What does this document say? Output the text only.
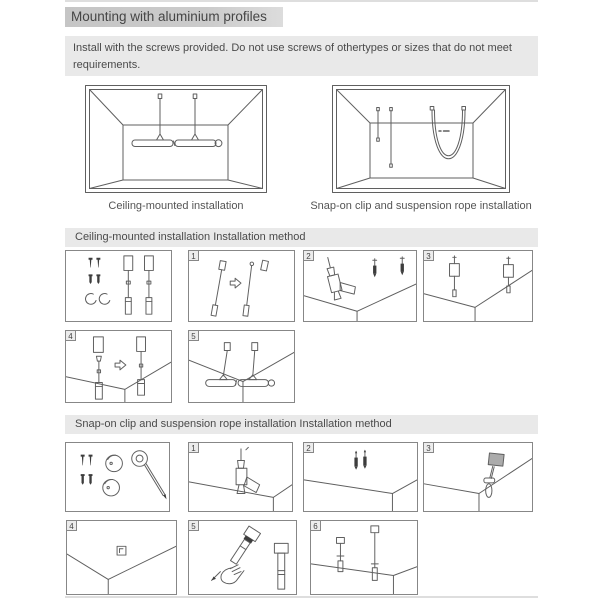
Mounting with aluminium profiles
Install with the screws provided. Do not use screws of othertypes or sizes that do not meet requirements.
Ceiling-mounted installation	Snap-on clip and suspension rope installation
Ceiling-mounted installation Installation method
1	2	3
4	5
Snap-on clip and suspension rope installation Installation method
1	2	3
4	5	6
